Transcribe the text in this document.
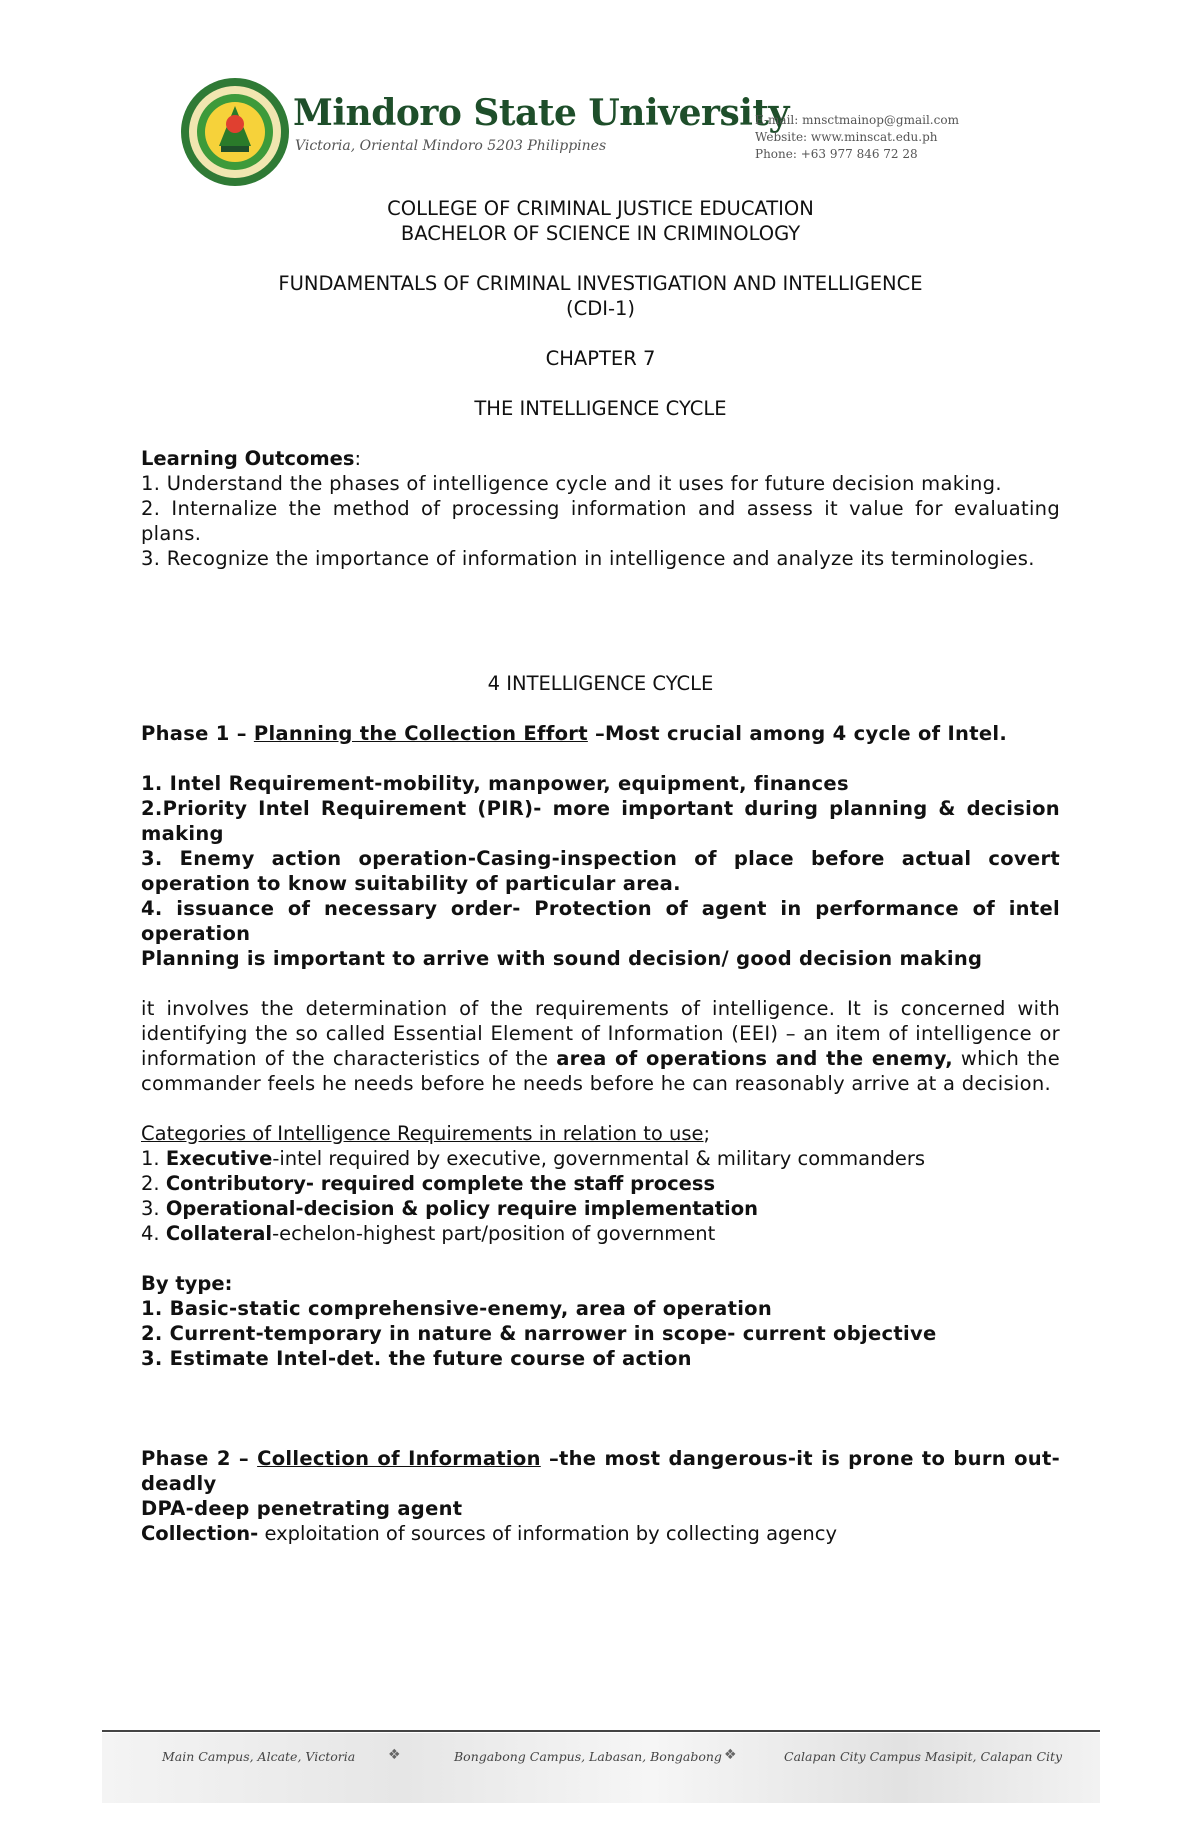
Mindoro State University
Victoria, Oriental Mindoro 5203 Philippines
E-mail: mnsctmainop@gmail.com
Website: www.minscat.edu.ph
Phone: +63 977 846 72 28

COLLEGE OF CRIMINAL JUSTICE EDUCATION

BACHELOR OF SCIENCE IN CRIMINOLOGY

FUNDAMENTALS OF CRIMINAL INVESTIGATION AND INTELLIGENCE

(CDI-1)

CHAPTER 7

THE INTELLIGENCE CYCLE

Learning Outcomes:

1. Understand the phases of intelligence cycle and it uses for future decision making.

2. Internalize the method of processing information and assess it value for evaluating plans.

3. Recognize the importance of information in intelligence and analyze its terminologies.

4 INTELLIGENCE CYCLE

Phase 1 – Planning the Collection Effort –Most crucial among 4 cycle of Intel.

1. Intel Requirement-mobility, manpower, equipment, finances

2.Priority Intel Requirement (PIR)- more important during planning & decision making

3. Enemy action operation-Casing-inspection of place before actual covert operation to know suitability of particular area.

4. issuance of necessary order- Protection of agent in performance of intel operation

Planning is important to arrive with sound decision/ good decision making

it involves the determination of the requirements of intelligence. It is concerned with identifying the so called Essential Element of Information (EEI) – an item of intelligence or information of the characteristics of the area of operations and the enemy, which the commander feels he needs before he needs before he can reasonably arrive at a decision.

Categories of Intelligence Requirements in relation to use;

1. Executive-intel required by executive, governmental & military commanders

2. Contributory- required complete the staff process

3. Operational-decision & policy require implementation

4. Collateral-echelon-highest part/position of government

By type:

1. Basic-static comprehensive-enemy, area of operation

2. Current-temporary in nature & narrower in scope- current objective

3. Estimate Intel-det. the future course of action

Phase 2 – Collection of Information –the most dangerous-it is prone to burn out-deadly

DPA-deep penetrating agent

Collection- exploitation of sources of information by collecting agency

Main Campus, Alcate, Victoria ❖	Bongabong Campus, Labasan, Bongabong ❖	Calapan City Campus Masipit, Calapan City
